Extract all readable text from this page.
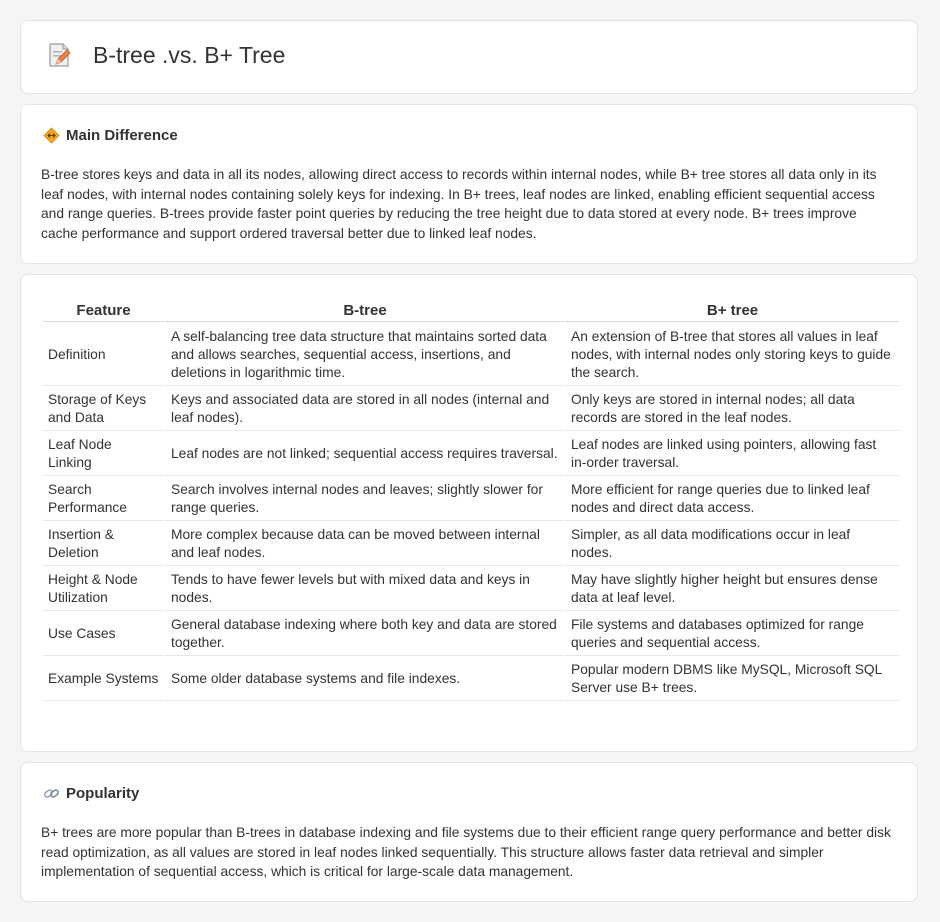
B-tree .vs. B+ Tree
Main Difference

B-tree stores keys and data in all its nodes, allowing direct access to records within internal nodes, while B+ tree stores all data only in its leaf nodes, with internal nodes containing solely keys for indexing. In B+ trees, leaf nodes are linked, enabling efficient sequential access and range queries. B-trees provide faster point queries by reducing the tree height due to data stored at every node. B+ trees improve cache performance and support ordered traversal better due to linked leaf nodes.

Feature	B-tree	B+ tree
Definition	A self-balancing tree data structure that maintains sorted data and allows searches, sequential access, insertions, and deletions in logarithmic time.	An extension of B-tree that stores all values in leaf nodes, with internal nodes only storing keys to guide the search.
Storage of Keys and Data	Keys and associated data are stored in all nodes (internal and leaf nodes).	Only keys are stored in internal nodes; all data records are stored in the leaf nodes.
Leaf Node Linking	Leaf nodes are not linked; sequential access requires traversal.	Leaf nodes are linked using pointers, allowing fast in-order traversal.
Search Performance	Search involves internal nodes and leaves; slightly slower for range queries.	More efficient for range queries due to linked leaf nodes and direct data access.
Insertion & Deletion	More complex because data can be moved between internal and leaf nodes.	Simpler, as all data modifications occur in leaf nodes.
Height & Node Utilization	Tends to have fewer levels but with mixed data and keys in nodes.	May have slightly higher height but ensures dense data at leaf level.
Use Cases	General database indexing where both key and data are stored together.	File systems and databases optimized for range queries and sequential access.
Example Systems	Some older database systems and file indexes.	Popular modern DBMS like MySQL, Microsoft SQL Server use B+ trees.
Popularity

B+ trees are more popular than B-trees in database indexing and file systems due to their efficient range query performance and better disk read optimization, as all values are stored in leaf nodes linked sequentially. This structure allows faster data retrieval and simpler implementation of sequential access, which is critical for large-scale data management.
